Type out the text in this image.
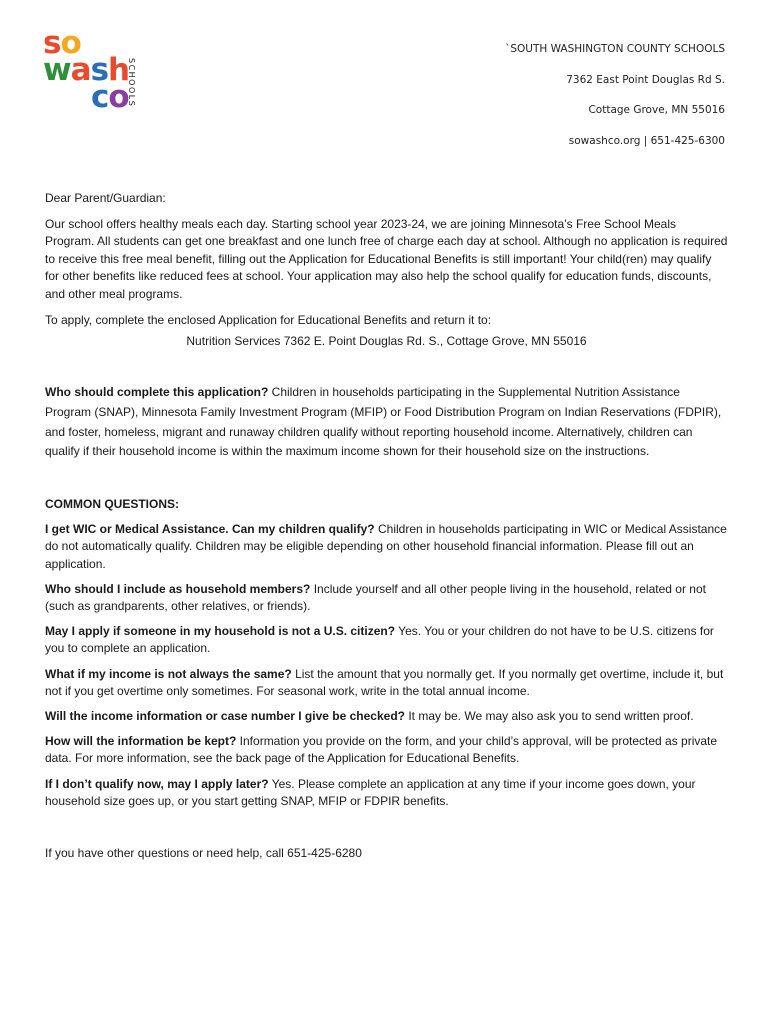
so
wash
co
SCHOOLS
`SOUTH WASHINGTON COUNTY SCHOOLS
7362 East Point Douglas Rd S.
Cottage Grove, MN 55016
sowashco.org | 651-425-6300

Dear Parent/Guardian:

Our school offers healthy meals each day. Starting school year 2023-24, we are joining Minnesota’s Free School Meals Program. All students can get one breakfast and one lunch free of charge each day at school. Although no application is required to receive this free meal benefit, filling out the Application for Educational Benefits is still important! Your child(ren) may qualify for other benefits like reduced fees at school. Your application may also help the school qualify for education funds, discounts, and other meal programs.

To apply, complete the enclosed Application for Educational Benefits and return it to:

Nutrition Services 7362 E. Point Douglas Rd. S., Cottage Grove, MN 55016

Who should complete this application? Children in households participating in the Supplemental Nutrition Assistance Program (SNAP), Minnesota Family Investment Program (MFIP) or Food Distribution Program on Indian Reservations (FDPIR), and foster, homeless, migrant and runaway children qualify without reporting household income. Alternatively, children can qualify if their household income is within the maximum income shown for their household size on the instructions.

COMMON QUESTIONS:

I get WIC or Medical Assistance. Can my children qualify? Children in households participating in WIC or Medical Assistance do not automatically qualify. Children may be eligible depending on other household financial information. Please fill out an application.

Who should I include as household members? Include yourself and all other people living in the household, related or not (such as grandparents, other relatives, or friends).

May I apply if someone in my household is not a U.S. citizen? Yes. You or your children do not have to be U.S. citizens for you to complete an application.

What if my income is not always the same? List the amount that you normally get. If you normally get overtime, include it, but not if you get overtime only sometimes. For seasonal work, write in the total annual income.

Will the income information or case number I give be checked? It may be. We may also ask you to send written proof.

How will the information be kept? Information you provide on the form, and your child’s approval, will be protected as private data. For more information, see the back page of the Application for Educational Benefits.

If I don’t qualify now, may I apply later? Yes. Please complete an application at any time if your income goes down, your household size goes up, or you start getting SNAP, MFIP or FDPIR benefits.

If you have other questions or need help, call 651-425-6280
